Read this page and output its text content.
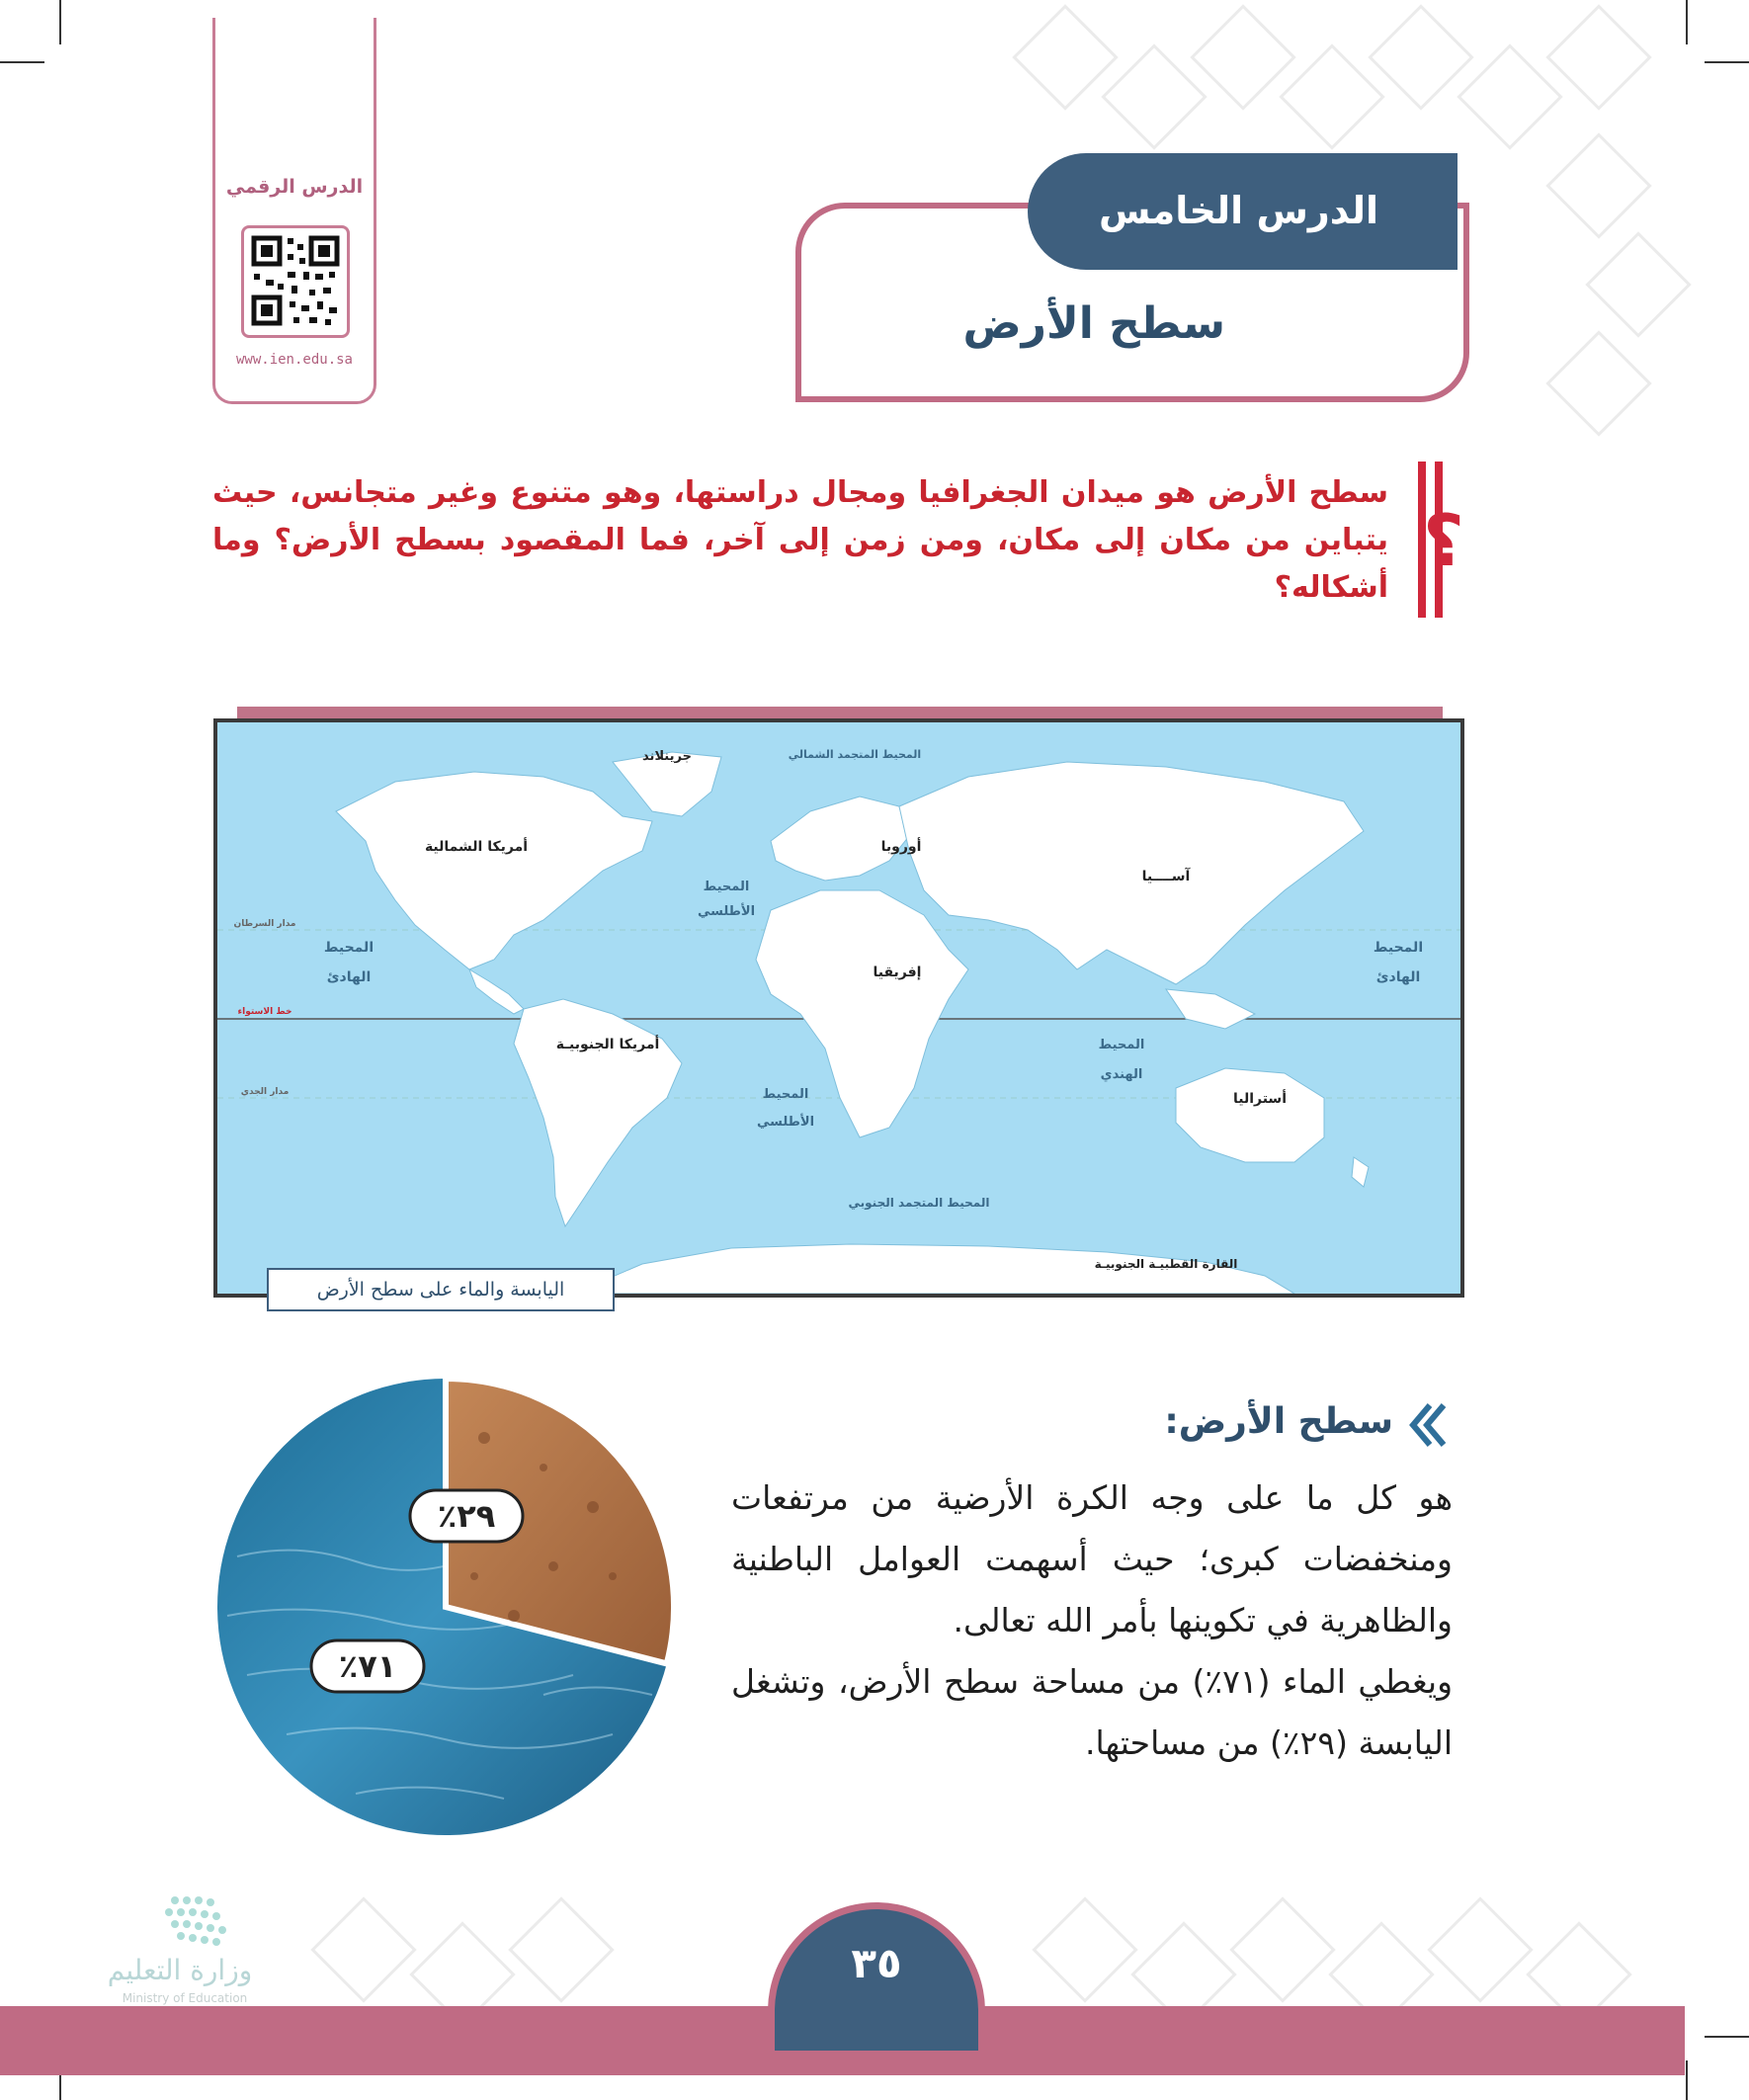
الدرس الرقمي
www.ien.edu.sa
الدرس الخامس
سطح الأرض
؟
سطح الأرض هو ميدان الجغرافيا ومجال دراستها، وهو متنوع وغير متجانس، حيث يتباين من مكان إلى مكان، ومن زمن إلى آخر، فما المقصود بسطح الأرض؟ وما أشكاله؟
جرينلاند	المحيط المتجمد الشمالي
أمريكا الشمالية	أوروبا
آســــيا
المحيط
الأطلسي
المحيط
الهادئ
المحيط
الهادئ
إفريقيا
مدار السرطان
خط الاستواء
مدار الجدي
أمريكا الجنوبيـة
المحيط
الأطلسي
المحيط
الهندي
أستراليا
المحيط المتجمد الجنوبي
القارة القطبيـة الجنوبيـة
اليابسة والماء على سطح الأرض
٪٢٩
٪٧١
سطح الأرض:
هو كل ما على وجه الكرة الأرضية من مرتفعات ومنخفضات كبرى؛ حيث أسهمت العوامل الباطنية والظاهرية في تكوينها بأمر الله تعالى.
ويغطي الماء (٧١٪) من مساحة سطح الأرض، وتشغل اليابسة (٢٩٪) من مساحتها.
وزارة التعليم
Ministry of Education
٣٥
